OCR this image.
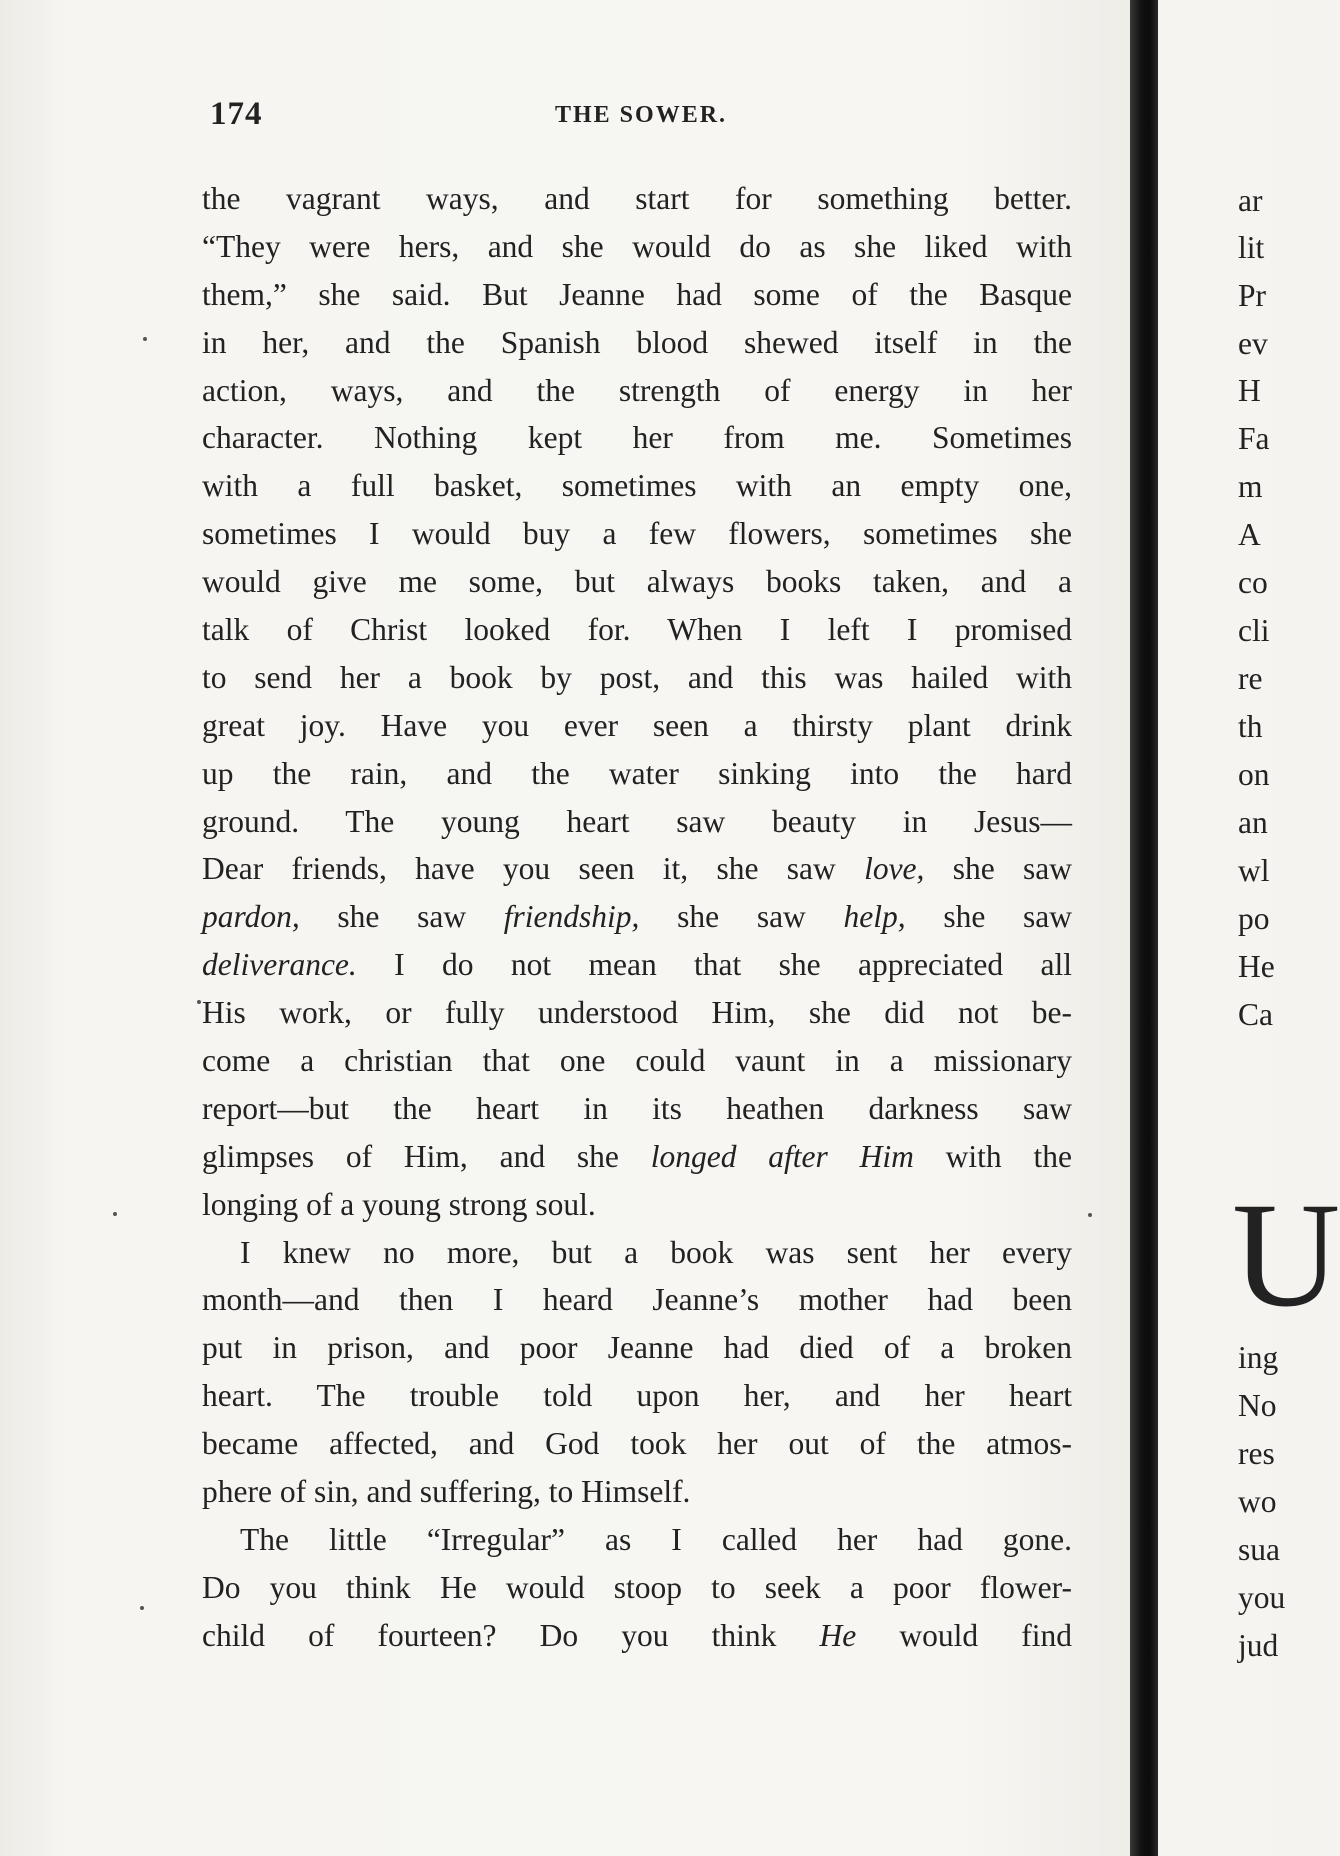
174	THE SOWER.
the vagrant ways, and start for something better.
“They were hers, and she would do as she liked with
them,” she said. But Jeanne had some of the Basque
in her, and the Spanish blood shewed itself in the
action, ways, and the strength of energy in her
character. Nothing kept her from me. Sometimes
with a full basket, sometimes with an empty one,
sometimes I would buy a few flowers, sometimes she
would give me some, but always books taken, and a
talk of Christ looked for. When I left I promised
to send her a book by post, and this was hailed with
great joy. Have you ever seen a thirsty plant drink
up the rain, and the water sinking into the hard
ground. The young heart saw beauty in Jesus—
Dear friends, have you seen it, she saw love, she saw
pardon, she saw friendship, she saw help, she saw
deliverance. I do not mean that she appreciated all
His work, or fully understood Him, she did not be-
come a christian that one could vaunt in a missionary
report—but the heart in its heathen darkness saw
glimpses of Him, and she longed after Him with the
longing of a young strong soul.
I knew no more, but a book was sent her every
month—and then I heard Jeanne’s mother had been
put in prison, and poor Jeanne had died of a broken
heart. The trouble told upon her, and her heart
became affected, and God took her out of the atmos-
phere of sin, and suffering, to Himself.
The little “Irregular” as I called her had gone.
Do you think He would stoop to seek a poor flower-
child of fourteen? Do you think He would find
ar
lit
Pr
ev
H
Fa
m
A
co
cli
re
th
on
an
wl
po
He
Ca
U
ing
No
res
wo
sua
you
jud
